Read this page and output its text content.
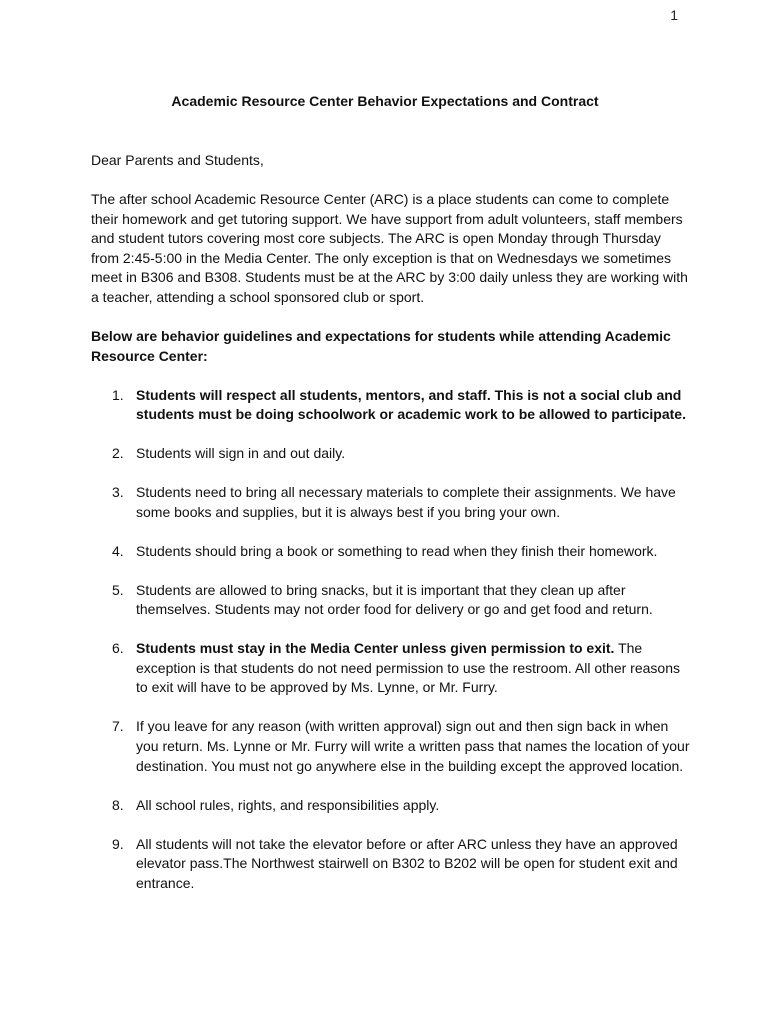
1
Academic Resource Center Behavior Expectations and Contract

Dear Parents and Students,

The after school Academic Resource Center (ARC) is a place students can come to complete their homework and get tutoring support. We have support from adult volunteers, staff members and student tutors covering most core subjects. The ARC is open Monday through Thursday from 2:45-5:00 in the Media Center. The only exception is that on Wednesdays we sometimes meet in B306 and B308. Students must be at the ARC by 3:00 daily unless they are working with a teacher, attending a school sponsored club or sport.

Below are behavior guidelines and expectations for students while attending Academic Resource Center:

1. Students will respect all students, mentors, and staff. This is not a social club and students must be doing schoolwork or academic work to be allowed to participate.
2. Students will sign in and out daily.
3. Students need to bring all necessary materials to complete their assignments. We have some books and supplies, but it is always best if you bring your own.
4. Students should bring a book or something to read when they finish their homework.
5. Students are allowed to bring snacks, but it is important that they clean up after themselves. Students may not order food for delivery or go and get food and return.
6. Students must stay in the Media Center unless given permission to exit. The exception is that students do not need permission to use the restroom. All other reasons to exit will have to be approved by Ms. Lynne, or Mr. Furry.
7. If you leave for any reason (with written approval) sign out and then sign back in when you return. Ms. Lynne or Mr. Furry will write a written pass that names the location of your destination. You must not go anywhere else in the building except the approved location.
8. All school rules, rights, and responsibilities apply.
9. All students will not take the elevator before or after ARC unless they have an approved elevator pass.The Northwest stairwell on B302 to B202 will be open for student exit and entrance.
